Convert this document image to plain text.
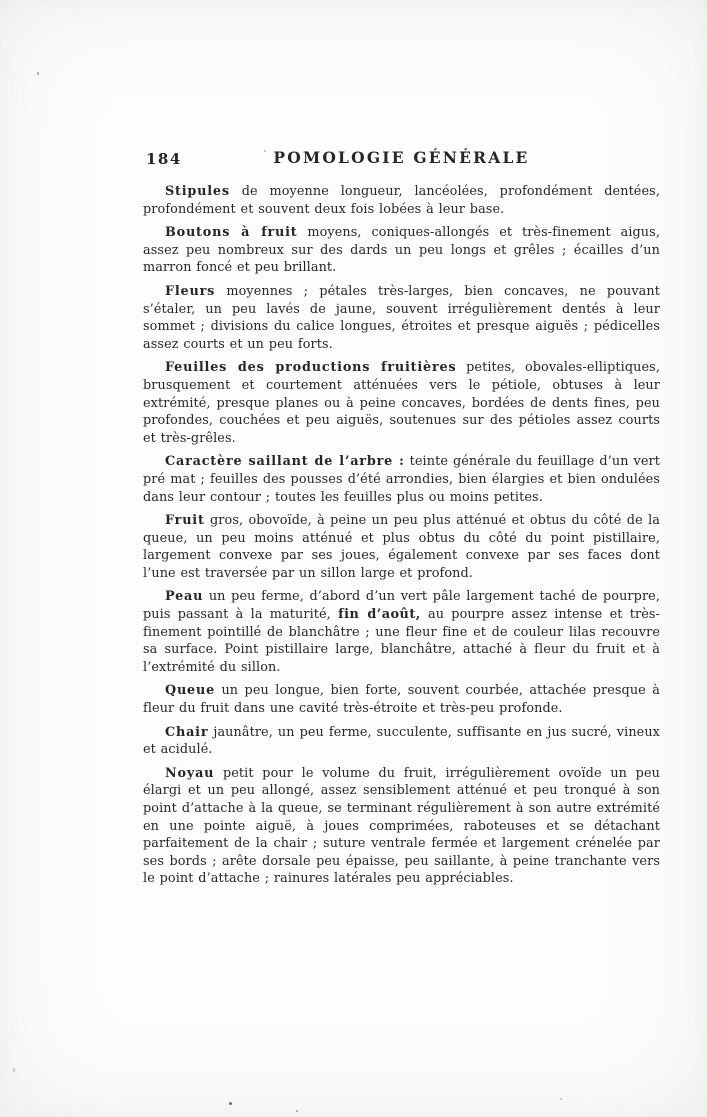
184	POMOLOGIE GÉNÉRALE

Stipules de moyenne longueur, lancéolées, profondément dentées, profondément et souvent deux fois lobées à leur base.

Boutons à fruit moyens, coniques-allongés et très-finement aigus, assez peu nombreux sur des dards un peu longs et grêles ; écailles d’un marron foncé et peu brillant.

Fleurs moyennes ; pétales très-larges, bien concaves, ne pouvant s’étaler, un peu lavés de jaune, souvent irrégulièrement dentés à leur sommet ; divisions du calice longues, étroites et presque aiguës ; pédicelles assez courts et un peu forts.

Feuilles des productions fruitières petites, obovales-elliptiques, brusquement et courtement atténuées vers le pétiole, obtuses à leur extrémité, presque planes ou à peine concaves, bordées de dents fines, peu profondes, couchées et peu aiguës, soutenues sur des pétioles assez courts et très-grêles.

Caractère saillant de l’arbre : teinte générale du feuillage d’un vert pré mat ; feuilles des pousses d’été arrondies, bien élargies et bien ondulées dans leur contour ; toutes les feuilles plus ou moins petites.

Fruit gros, obovoïde, à peine un peu plus atténué et obtus du côté de la queue, un peu moins atténué et plus obtus du côté du point pistillaire, largement convexe par ses joues, également convexe par ses faces dont l’une est traversée par un sillon large et profond.

Peau un peu ferme, d’abord d’un vert pâle largement taché de pourpre, puis passant à la maturité, fin d’août, au pourpre assez intense et très-finement pointillé de blanchâtre ; une fleur fine et de couleur lilas recouvre sa surface. Point pistillaire large, blanchâtre, attaché à fleur du fruit et à l’extrémité du sillon.

Queue un peu longue, bien forte, souvent courbée, attachée presque à fleur du fruit dans une cavité très-étroite et très-peu profonde.

Chair jaunâtre, un peu ferme, succulente, suffisante en jus sucré, vineux et acidulé.

Noyau petit pour le volume du fruit, irrégulièrement ovoïde un peu élargi et un peu allongé, assez sensiblement atténué et peu tronqué à son point d’attache à la queue, se terminant régulièrement à son autre extrémité en une pointe aiguë, à joues comprimées, raboteuses et se détachant parfaitement de la chair ; suture ventrale fermée et largement crénelée par ses bords ; arête dorsale peu épaisse, peu saillante, à peine tranchante vers le point d’attache ; rainures latérales peu appréciables.
